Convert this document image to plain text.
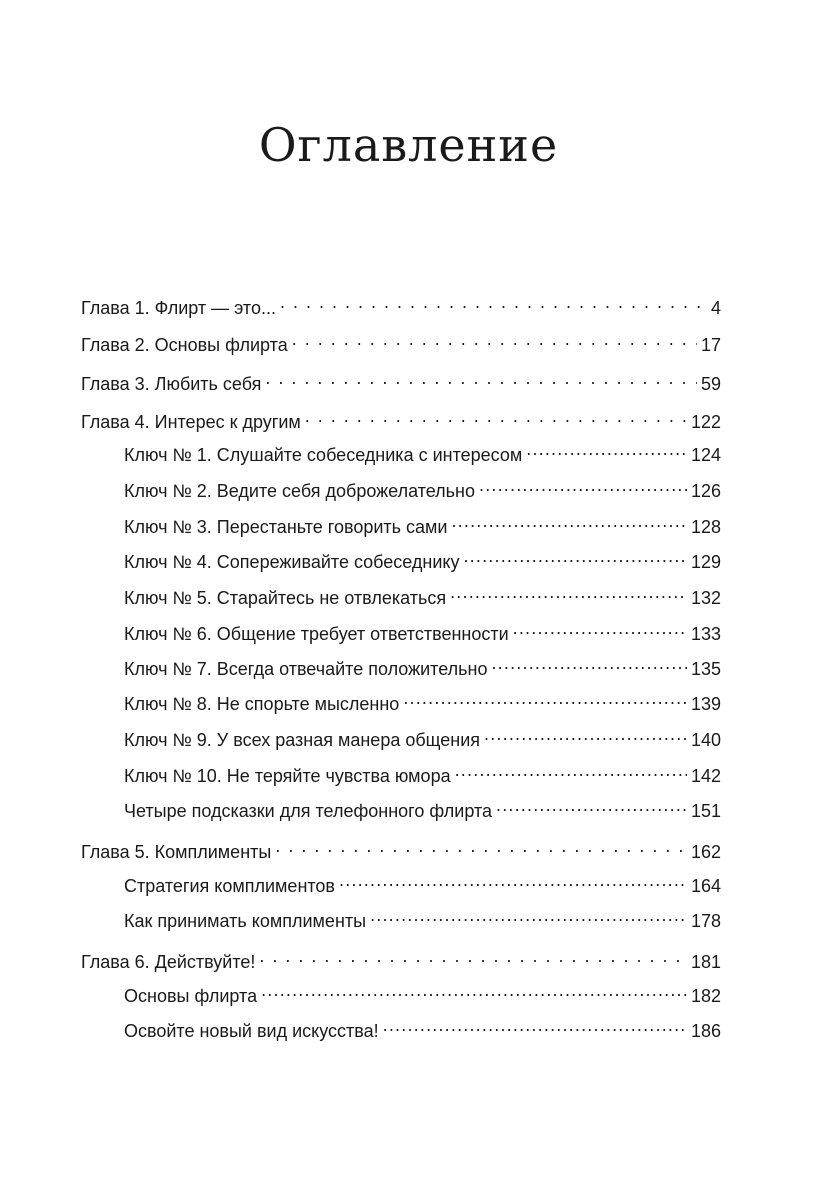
Оглавление
Глава 1. Флирт — это... . . .	4
Глава 2. Основы флирта . . .	17
Глава 3. Любить себя . . .	59
Глава 4. Интерес к другим . . .	122
Ключ № 1. Слушайте собеседника с интересом .....	124
Ключ № 2. Ведите себя доброжелательно .....	126
Ключ № 3. Перестаньте говорить сами .....	128
Ключ № 4. Сопереживайте собеседнику .....	129
Ключ № 5. Старайтесь не отвлекаться .....	132
Ключ № 6. Общение требует ответственности .....	133
Ключ № 7. Всегда отвечайте положительно .....	135
Ключ № 8. Не спорьте мысленно .....	139
Ключ № 9. У всех разная манера общения .....	140
Ключ № 10. Не теряйте чувства юмора .....	142
Четыре подсказки для телефонного флирта .....	151
Глава 5. Комплименты . . .	162
Стратегия комплиментов .....	164
Как принимать комплименты .....	178
Глава 6. Действуйте! . . .	181
Основы флирта .....	182
Освойте новый вид искусства! .....	186
